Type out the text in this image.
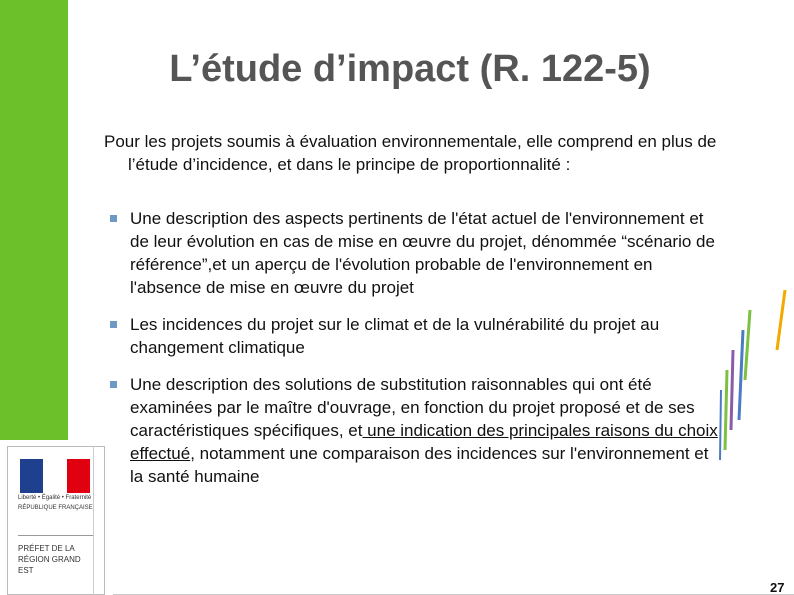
L’étude d’impact (R. 122-5)

Pour les projets soumis à évaluation environnementale, elle comprend en plus de l’étude d’incidence, et dans le principe de proportionnalité :

Une description des aspects pertinents de l'état actuel de l'environnement et de leur évolution en cas de mise en œuvre du projet, dénommée “scénario de référence”,et un aperçu de l'évolution probable de l'environnement en l'absence de mise en œuvre du projet
Les incidences du projet sur le climat et de la vulnérabilité du projet au changement climatique
Une description des solutions de substitution raisonnables qui ont été examinées par le maître d'ouvrage, en fonction du projet proposé et de ses caractéristiques spécifiques, et une indication des principales raisons du choix effectué, notamment une comparaison des incidences sur l'environnement et la santé humaine
Liberté • Égalité • Fraternité
RÉPUBLIQUE FRANÇAISE
PRÉFET DE LA RÉGION GRAND EST
27
